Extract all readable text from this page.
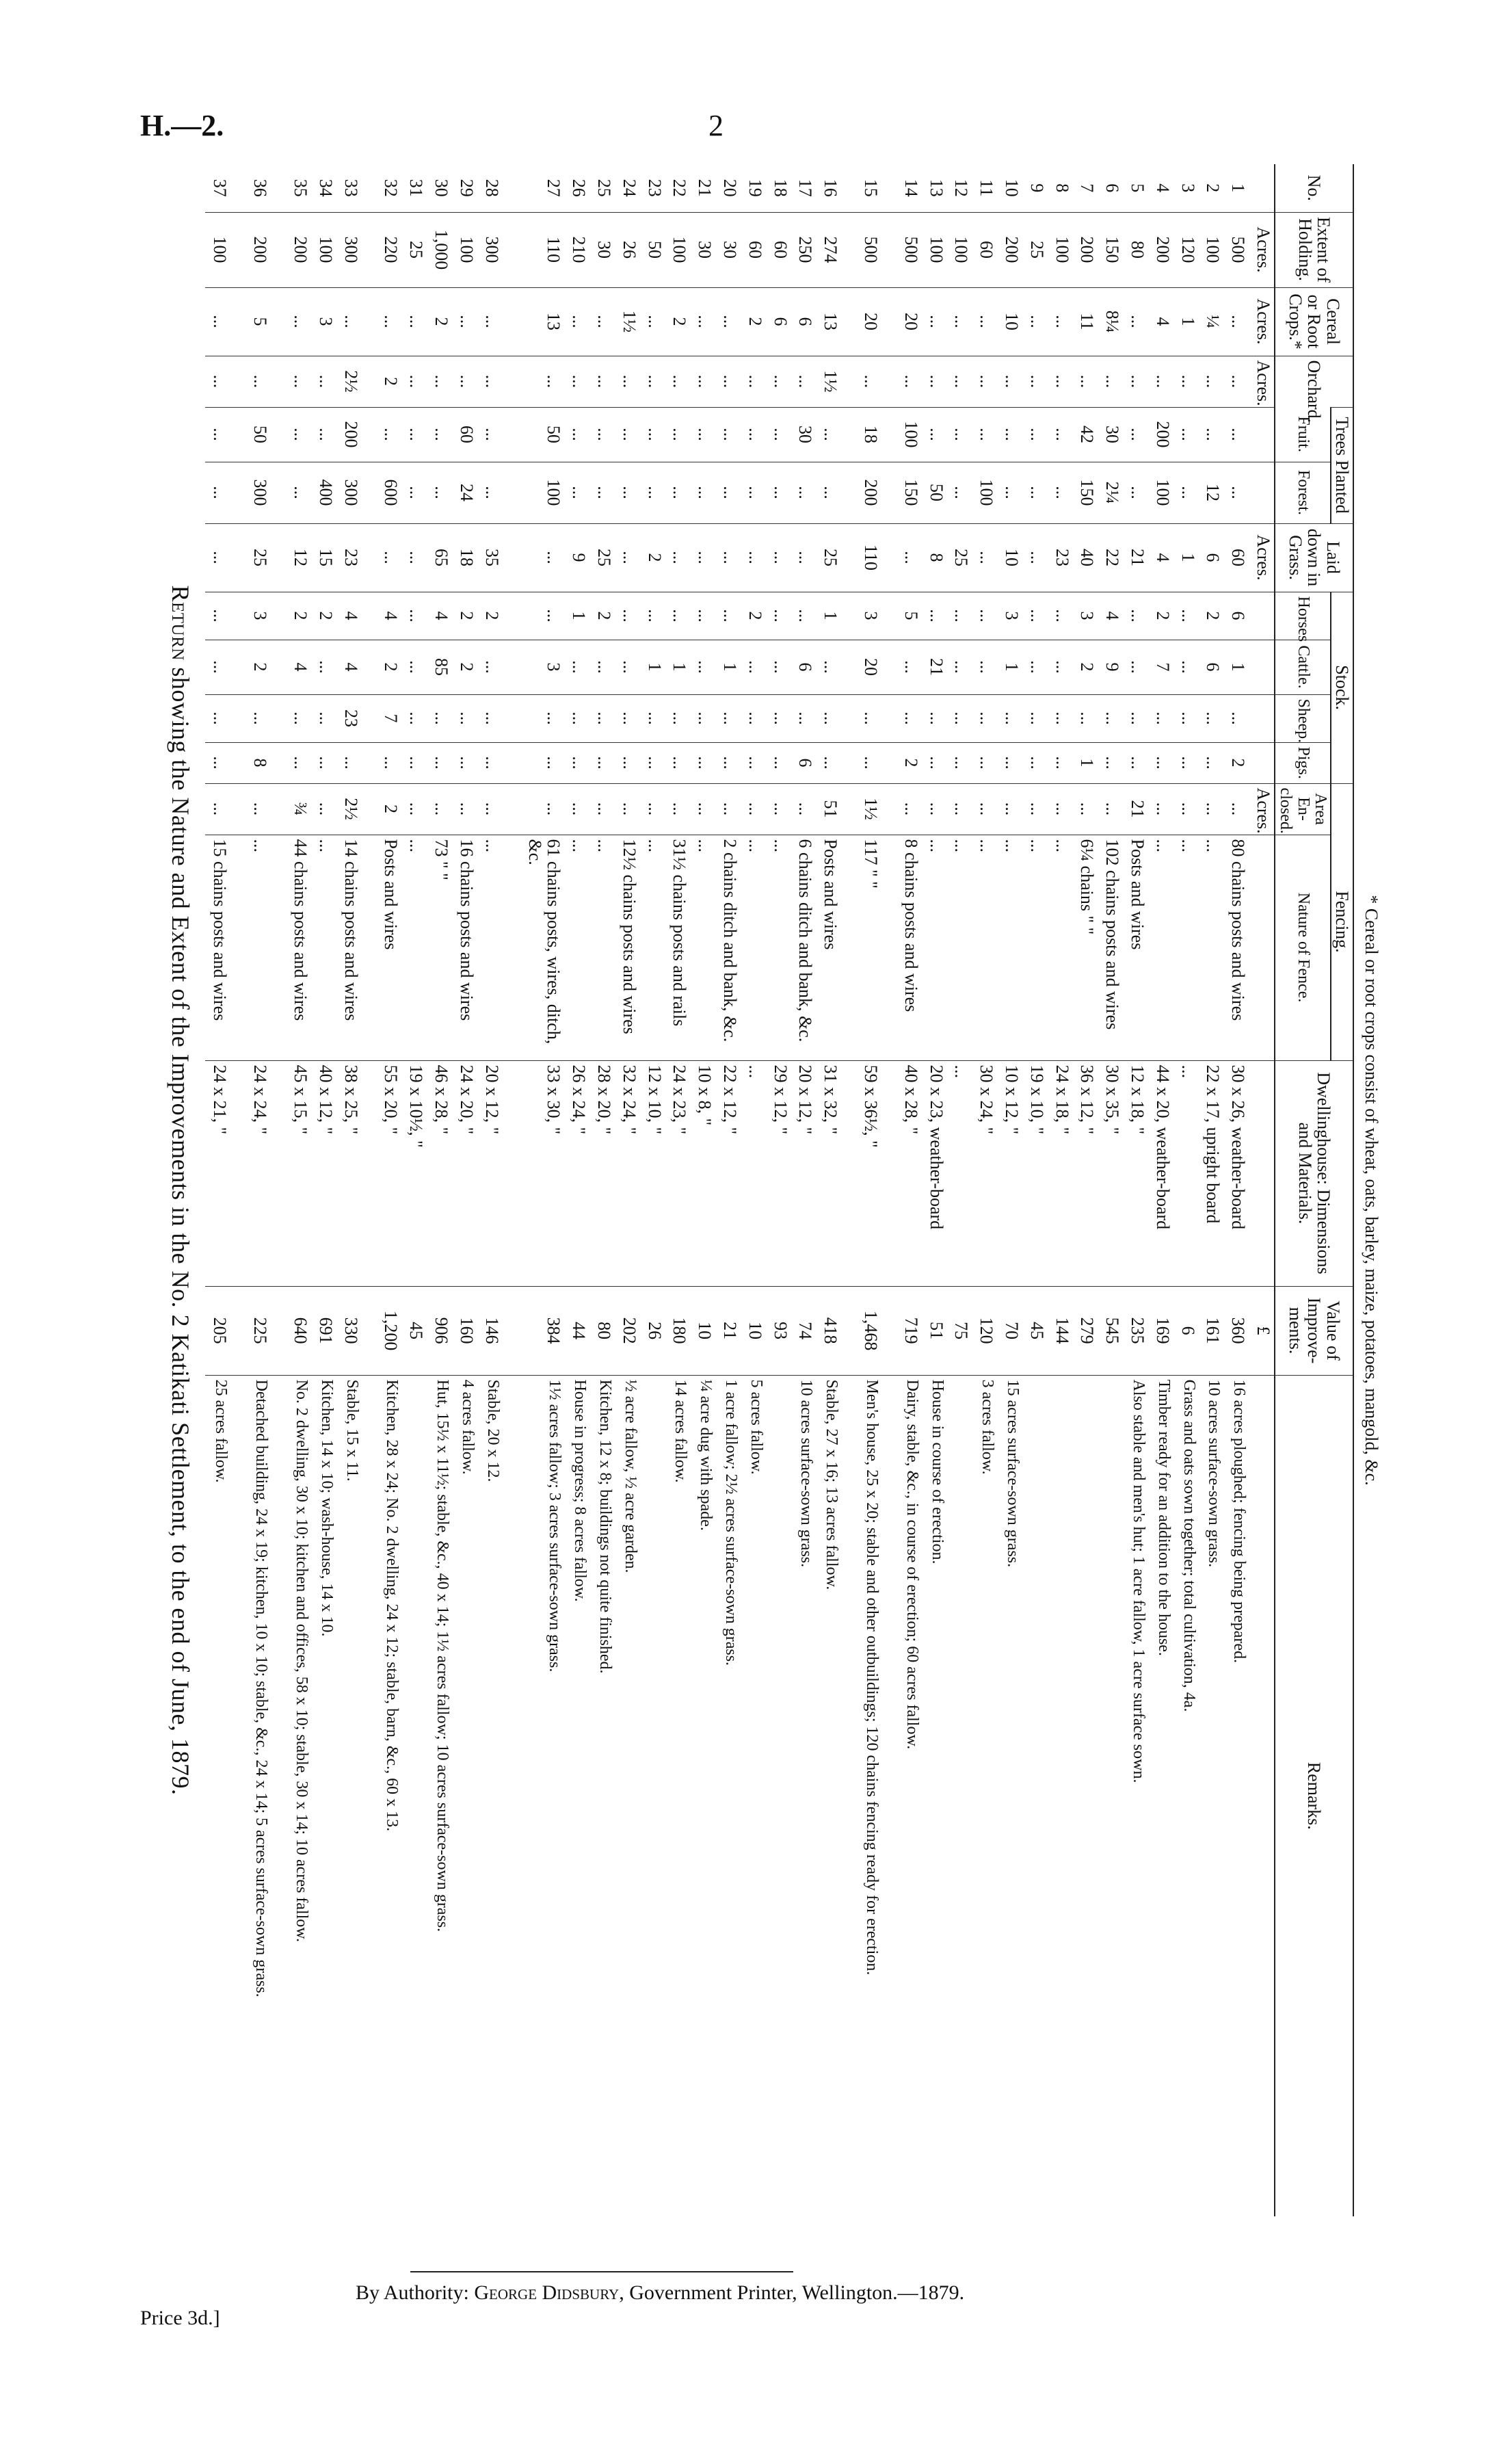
H.—2.	2
Return showing the Nature and Extent of the Improvements in the No. 2 Katikati Settlement, to the end of June, 1879.
No.	Extent of Holding.	Cereal or Root Crops.*	Orchard.	Trees Planted		Laid down in Grass.	Stock.				Fencing.		Dwellinghouse: Dimensions and Materials.	Value of Improve-ments.	Remarks.
				Fruit.	Forest.		Horses	Cattle.	Sheep.	Pigs.	Area En-closed.	Nature of Fence.			
	Acres.	Acres.	Acres.			Acres.					Acres.			£	
1	500	...	...	...	...	60	6	1	...	2	...	80 chains posts and wires	30 x 26, weather-board	360	16 acres ploughed; fencing being prepared.
2	100	¼	...	...	12	6	2	6	...	...	...	...	22 x 17, upright board	161	10 acres surface-sown grass.
3	120	1	...	...	...	1	...	...	...	...	...	...	...	6	Grass and oats sown together; total cultivation, 4a.
4	200	4	...	200	100	4	2	7	...	...	...	...	44 x 20, weather-board	169	Timber ready for an addition to the house.
5	80	...	...	...	...	21	...	...	...	...	21	Posts and wires	12 x 18, "	235	Also stable and men's hut; 1 acre fallow, 1 acre surface sown.
6	150	8¼	...	30	2¼	22	4	9	...	...	...	102 chains posts and wires	30 x 35, "	545	
7	200	11	...	42	150	40	3	2	...	1	...	6¼ chains " "	36 x 12, "	279	
8	100	...	...	...	...	23	...	...	...	...	...	...	24 x 18, "	144	
9	25	...	...	...	...	...	...	...	...	...	...	...	19 x 10, "	45	
10	200	10	...	...	...	10	3	1	...	...	...	...	10 x 12, "	70	15 acres surface-sown grass.
11	60	...	...	...	100	...	...	...	...	...	...	...	30 x 24, "	120	3 acres fallow.
12	100	...	...	...	...	25	...	...	...	...	...	...	...	75	
13	100	...	...	...	50	8	...	21	...	...	...	...	20 x 23, weather-board	51	House in course of erection.
14	500	20	...	100	150	...	5	...	...	2	...	8 chains posts and wires	40 x 28, "	719	Dairy, stable, &c., in course of erection; 60 acres fallow.

15	500	20	...	18	200	110	3	20	...	...	1½	117 " "	59 x 36½, "	1,468	Men's house, 25 x 20; stable and other outbuildings; 120 chains fencing ready for erection.

16	274	13	1½	...	...	25	1	...	...	...	51	Posts and wires	31 x 32, "	418	Stable, 27 x 16; 13 acres fallow.
17	250	6	...	30	...	...	...	6	...	6	...	6 chains ditch and bank, &c.	20 x 12, "	74	10 acres surface-sown grass.
18	60	6	...	...	...	...	...	...	...	...	...	...	29 x 12, "	93	
19	60	2	...	...	...	...	2	...	...	...	...	...	...	10	5 acres fallow.
20	30	...	...	...	...	...	...	1	...	...	...	2 chains ditch and bank, &c.	22 x 12, "	21	1 acre fallow; 2½ acres surface-sown grass.
21	30	...	...	...	...	...	...	...	...	...	...	...	10 x 8, "	10	¼ acre dug with spade.
22	100	2	...	...	...	...	...	1	...	...	...	31½ chains posts and rails	24 x 23, "	180	14 acres fallow.
23	50	...	...	...	...	2	...	1	...	...	...	...	12 x 10, "	26	
24	26	1½	...	...	...	...	...	...	...	...	...	12½ chains posts and wires	32 x 24, "	202	½ acre fallow, ½ acre garden.
25	30	...	...	...	...	25	2	...	...	...	...	...	28 x 20, "	80	Kitchen, 12 x 8; buildings not quite finished.
26	210	...	...	...	...	9	1	...	...	...	...	...	26 x 24, "	44	House in progress; 8 acres fallow.
27	110	13	...	50	100	...	...	3	...	...	...	61 chains posts, wires, ditch, &c.	33 x 30, "	384	1½ acres fallow; 3 acres surface-sown grass.

28	300	...	...	...	...	35	2	...	...	...	...	...	20 x 12, "	146	Stable, 20 x 12.
29	100	...	...	60	24	18	2	2	...	...	...	16 chains posts and wires	24 x 20, "	160	4 acres fallow.
30	1,000	2	...	...	...	65	4	85	...	...	...	73 " "	46 x 28, "	906	Hut, 15½ x 11½; stable, &c., 40 x 14; 1½ acres fallow; 10 acres surface-sown grass.
31	25	...	...	...	...	...	...	...	...	...	...	...	19 x 10½, "	45	
32	220	...	2	...	600	...	4	2	7	...	2	Posts and wires	55 x 20, "	1,200	Kitchen, 28 x 24; No. 2 dwelling, 24 x 12; stable, barn, &c., 60 x 13.

33	300	...	2½	200	300	23	4	4	23	...	2½	14 chains posts and wires	38 x 25, "	330	Stable, 15 x 11.
34	100	3	...	...	400	15	2	...	...	...	...	...	40 x 12, "	691	Kitchen, 14 x 10; wash-house, 14 x 10.
35	200	...	...	...	...	12	2	4	...	...	¾	44 chains posts and wires	45 x 15, "	640	No. 2 dwelling, 30 x 10; kitchen and offices, 58 x 10; stable, 30 x 14; 10 acres fallow.

36	200	5	...	50	300	25	3	2	...	8	...	...	24 x 24, "	225	Detached building, 24 x 19; kitchen, 10 x 10; stable, &c., 24 x 14; 5 acres surface-sown grass.

37	100	...	...	...	...	...	...	...	...	...	...	15 chains posts and wires	24 x 21, "	205	25 acres fallow.	* Cereal or root crops consist of wheat, oats, barley, maize, potatoes, mangold, &c.
By Authority: George Didsbury, Government Printer, Wellington.—1879.
Price 3d.]
